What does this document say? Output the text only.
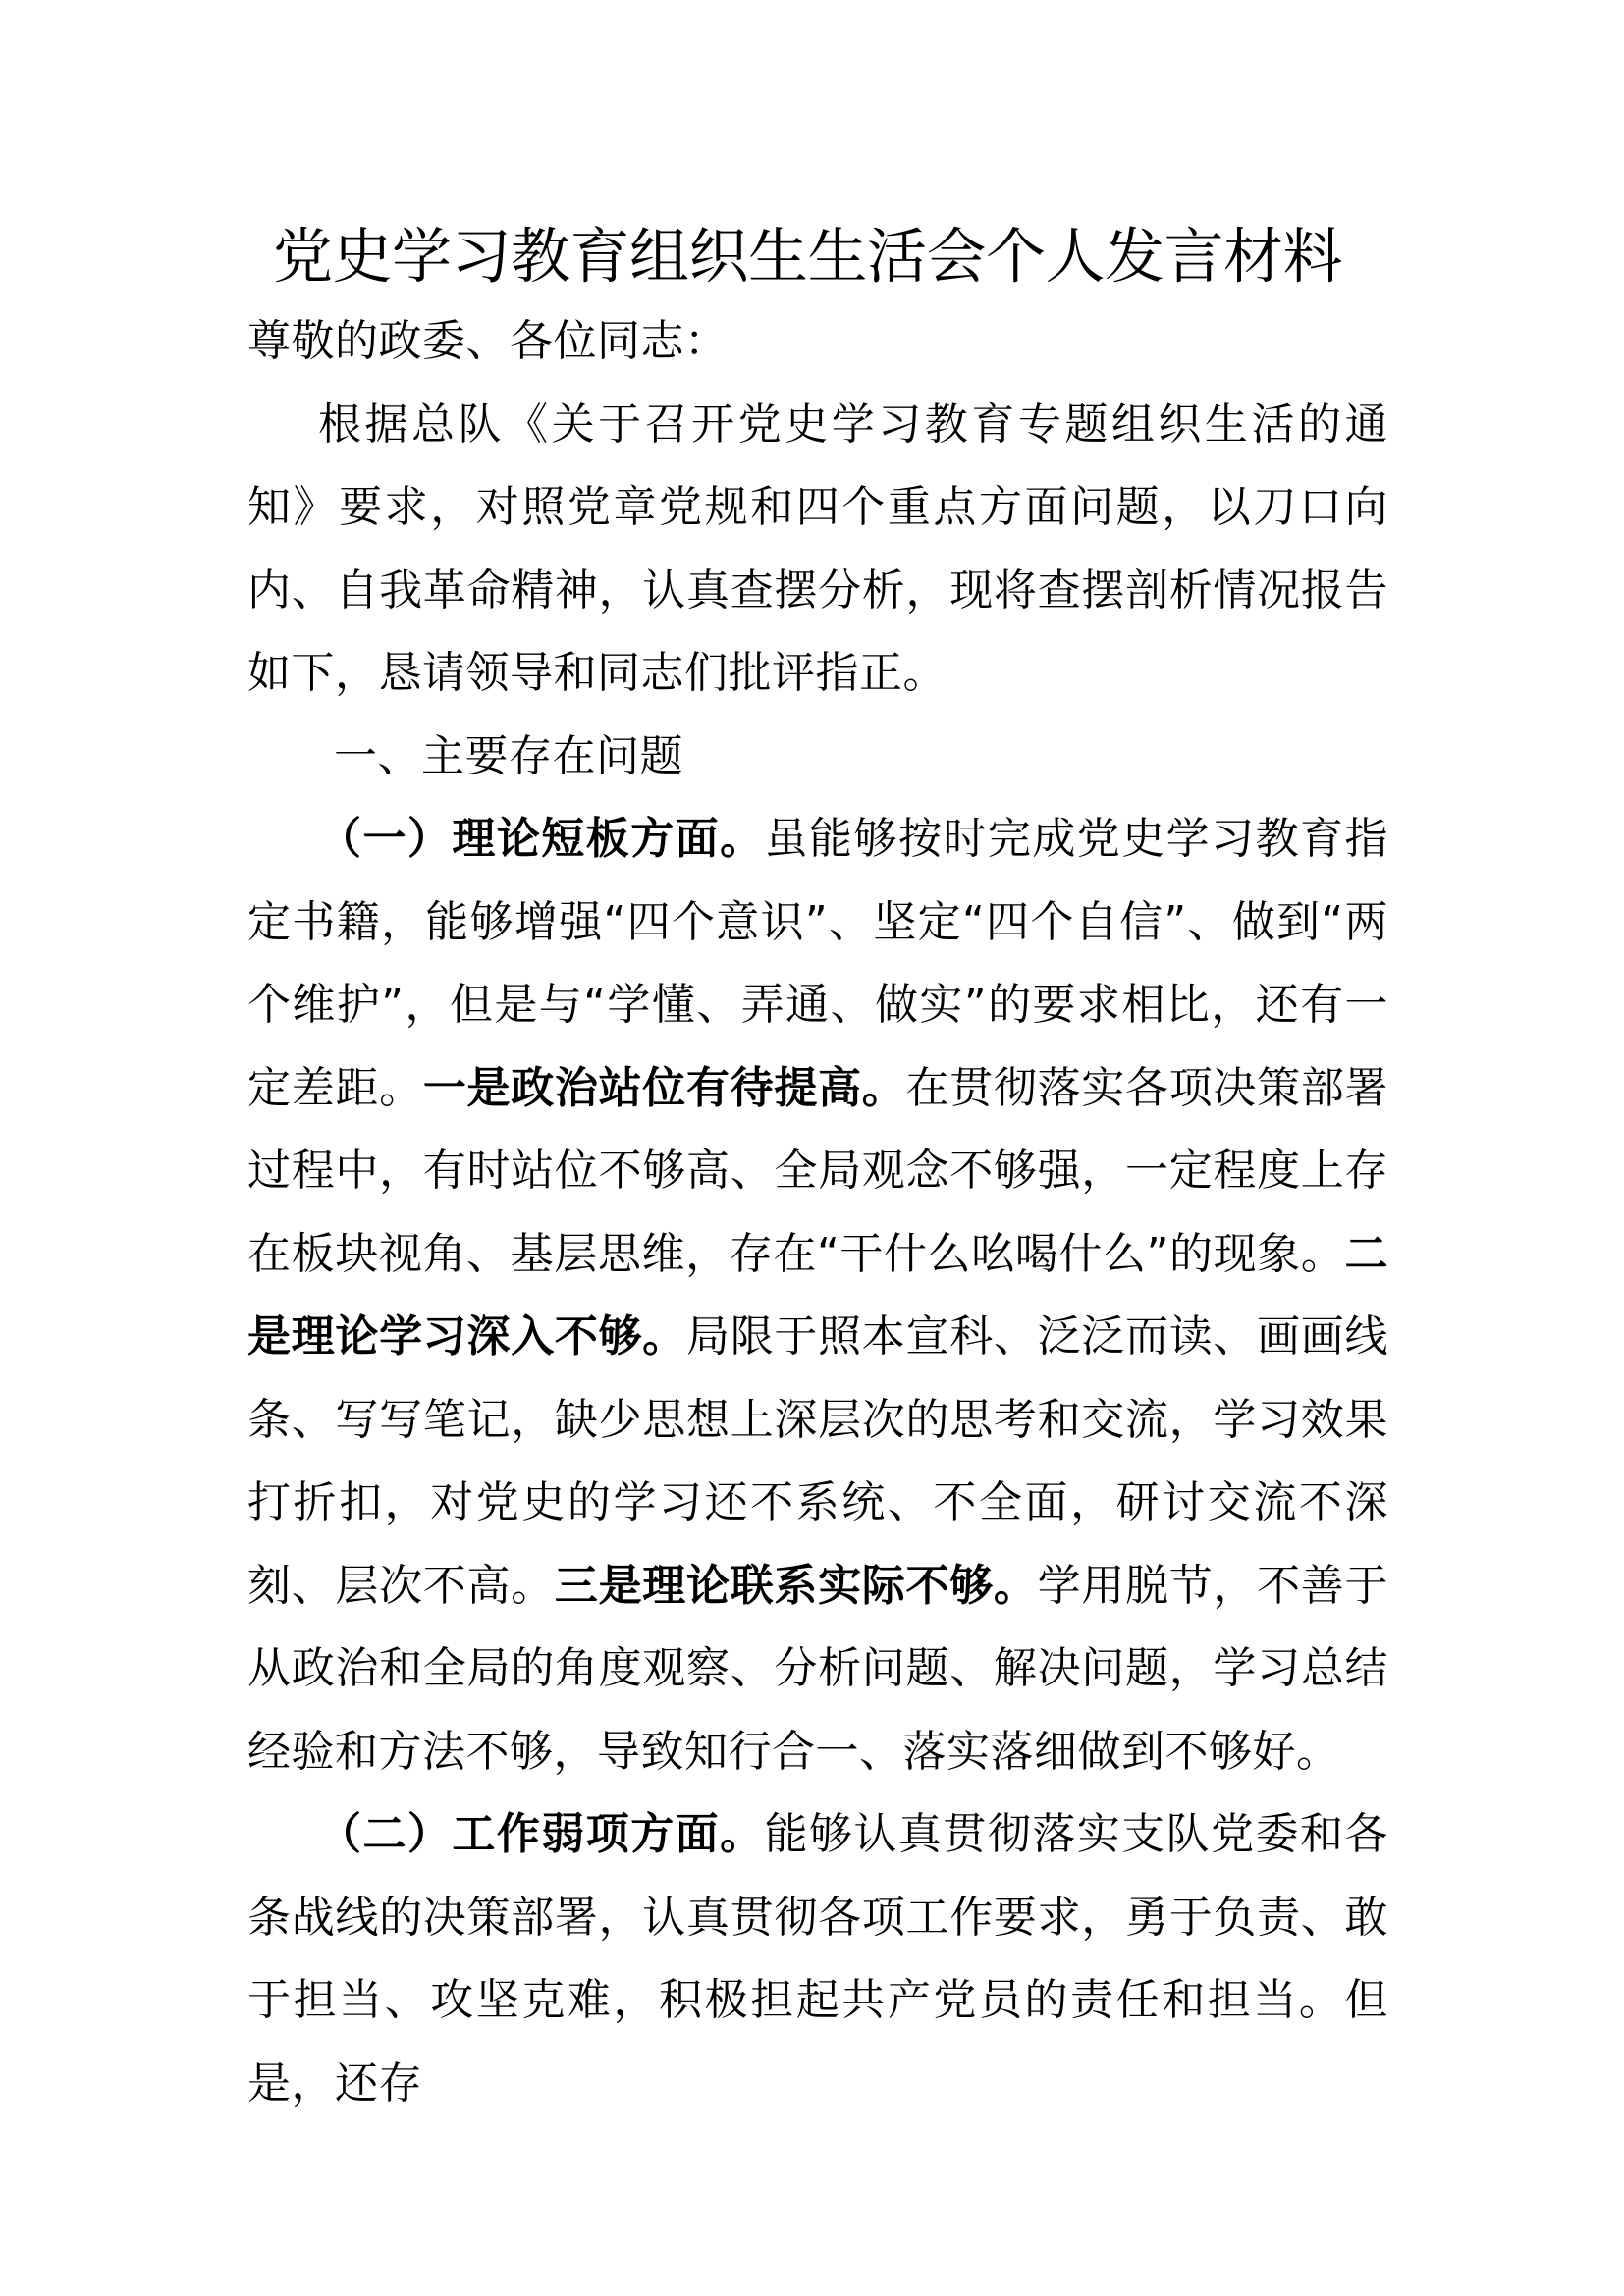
党史学习教育组织生生活会个人发言材料

尊敬的政委、各位同志：

根据总队《关于召开党史学习教育专题组织生活的通知》要求，对照党章党规和四个重点方面问题，以刀口向内、自我革命精神，认真查摆分析，现将查摆剖析情况报告如下，恳请领导和同志们批评指正。

一、主要存在问题

（一）理论短板方面。虽能够按时完成党史学习教育指定书籍，能够增强“四个意识”、坚定“四个自信”、做到“两个维护”，但是与“学懂、弄通、做实”的要求相比，还有一定差距。一是政治站位有待提高。在贯彻落实各项决策部署过程中，有时站位不够高、全局观念不够强，一定程度上存在板块视角、基层思维，存在“干什么吆喝什么”的现象。二是理论学习深入不够。局限于照本宣科、泛泛而读、画画线条、写写笔记，缺少思想上深层次的思考和交流，学习效果打折扣，对党史的学习还不系统、不全面，研讨交流不深刻、层次不高。三是理论联系实际不够。学用脱节，不善于从政治和全局的角度观察、分析问题、解决问题，学习总结经验和方法不够，导致知行合一、落实落细做到不够好。

（二）工作弱项方面。能够认真贯彻落实支队党委和各条战线的决策部署，认真贯彻各项工作要求，勇于负责、敢于担当、攻坚克难，积极担起共产党员的责任和担当。但是，还存
